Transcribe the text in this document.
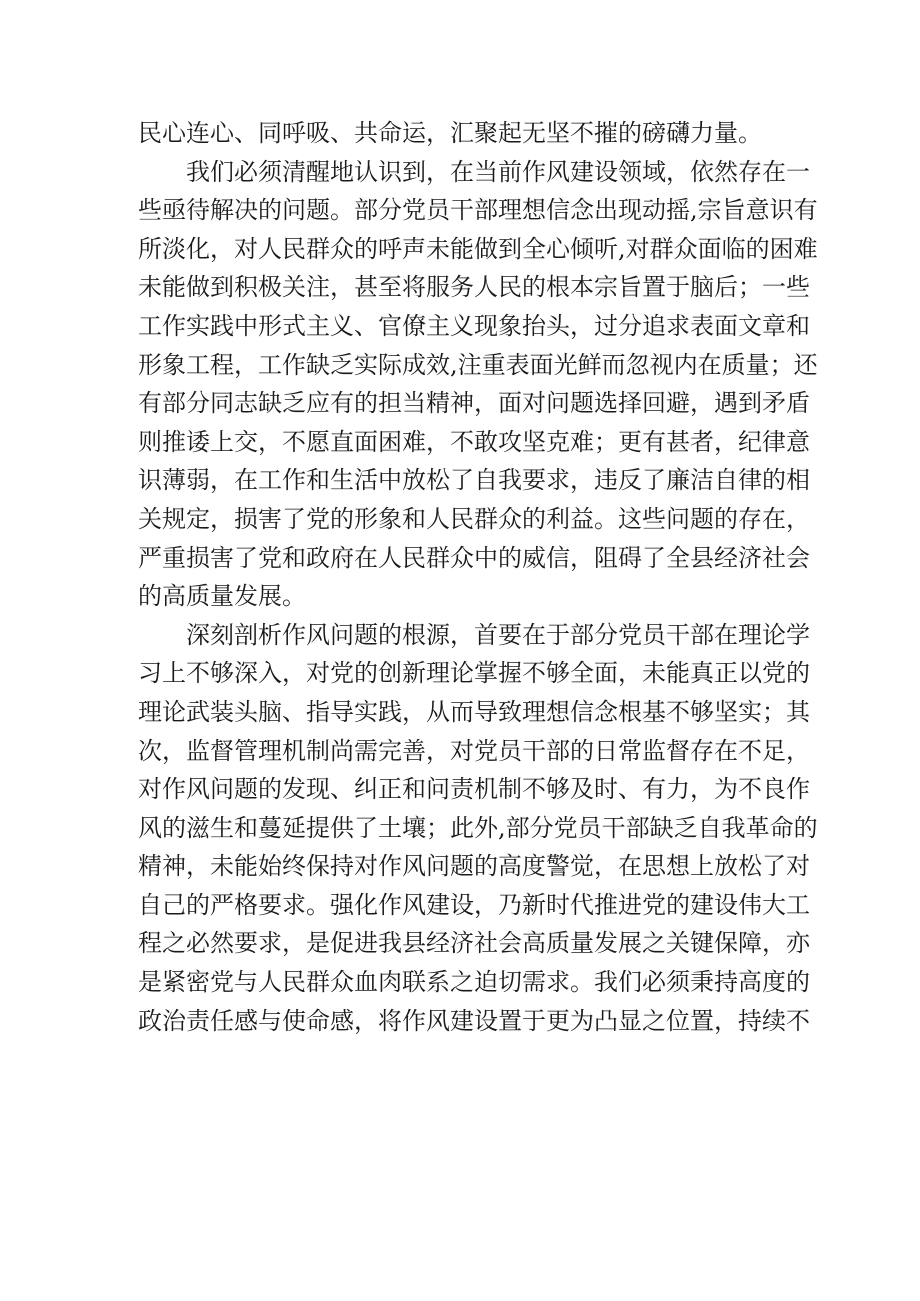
民心连心、同呼吸、共命运，汇聚起无坚不摧的磅礴力量。
我们必须清醒地认识到，在当前作风建设领域，依然存在一
些亟待解决的问题。部分党员干部理想信念出现动摇,宗旨意识有
所淡化，对人民群众的呼声未能做到全心倾听,对群众面临的困难
未能做到积极关注，甚至将服务人民的根本宗旨置于脑后；一些
工作实践中形式主义、官僚主义现象抬头，过分追求表面文章和
形象工程，工作缺乏实际成效,注重表面光鲜而忽视内在质量；还
有部分同志缺乏应有的担当精神，面对问题选择回避，遇到矛盾
则推诿上交，不愿直面困难，不敢攻坚克难；更有甚者，纪律意
识薄弱，在工作和生活中放松了自我要求，违反了廉洁自律的相
关规定，损害了党的形象和人民群众的利益。这些问题的存在，
严重损害了党和政府在人民群众中的威信，阻碍了全县经济社会
的高质量发展。
深刻剖析作风问题的根源，首要在于部分党员干部在理论学
习上不够深入，对党的创新理论掌握不够全面，未能真正以党的
理论武装头脑、指导实践，从而导致理想信念根基不够坚实；其
次，监督管理机制尚需完善，对党员干部的日常监督存在不足，
对作风问题的发现、纠正和问责机制不够及时、有力，为不良作
风的滋生和蔓延提供了土壤；此外,部分党员干部缺乏自我革命的
精神，未能始终保持对作风问题的高度警觉，在思想上放松了对
自己的严格要求。强化作风建设，乃新时代推进党的建设伟大工
程之必然要求，是促进我县经济社会高质量发展之关键保障，亦
是紧密党与人民群众血肉联系之迫切需求。我们必须秉持高度的
政治责任感与使命感，将作风建设置于更为凸显之位置，持续不
